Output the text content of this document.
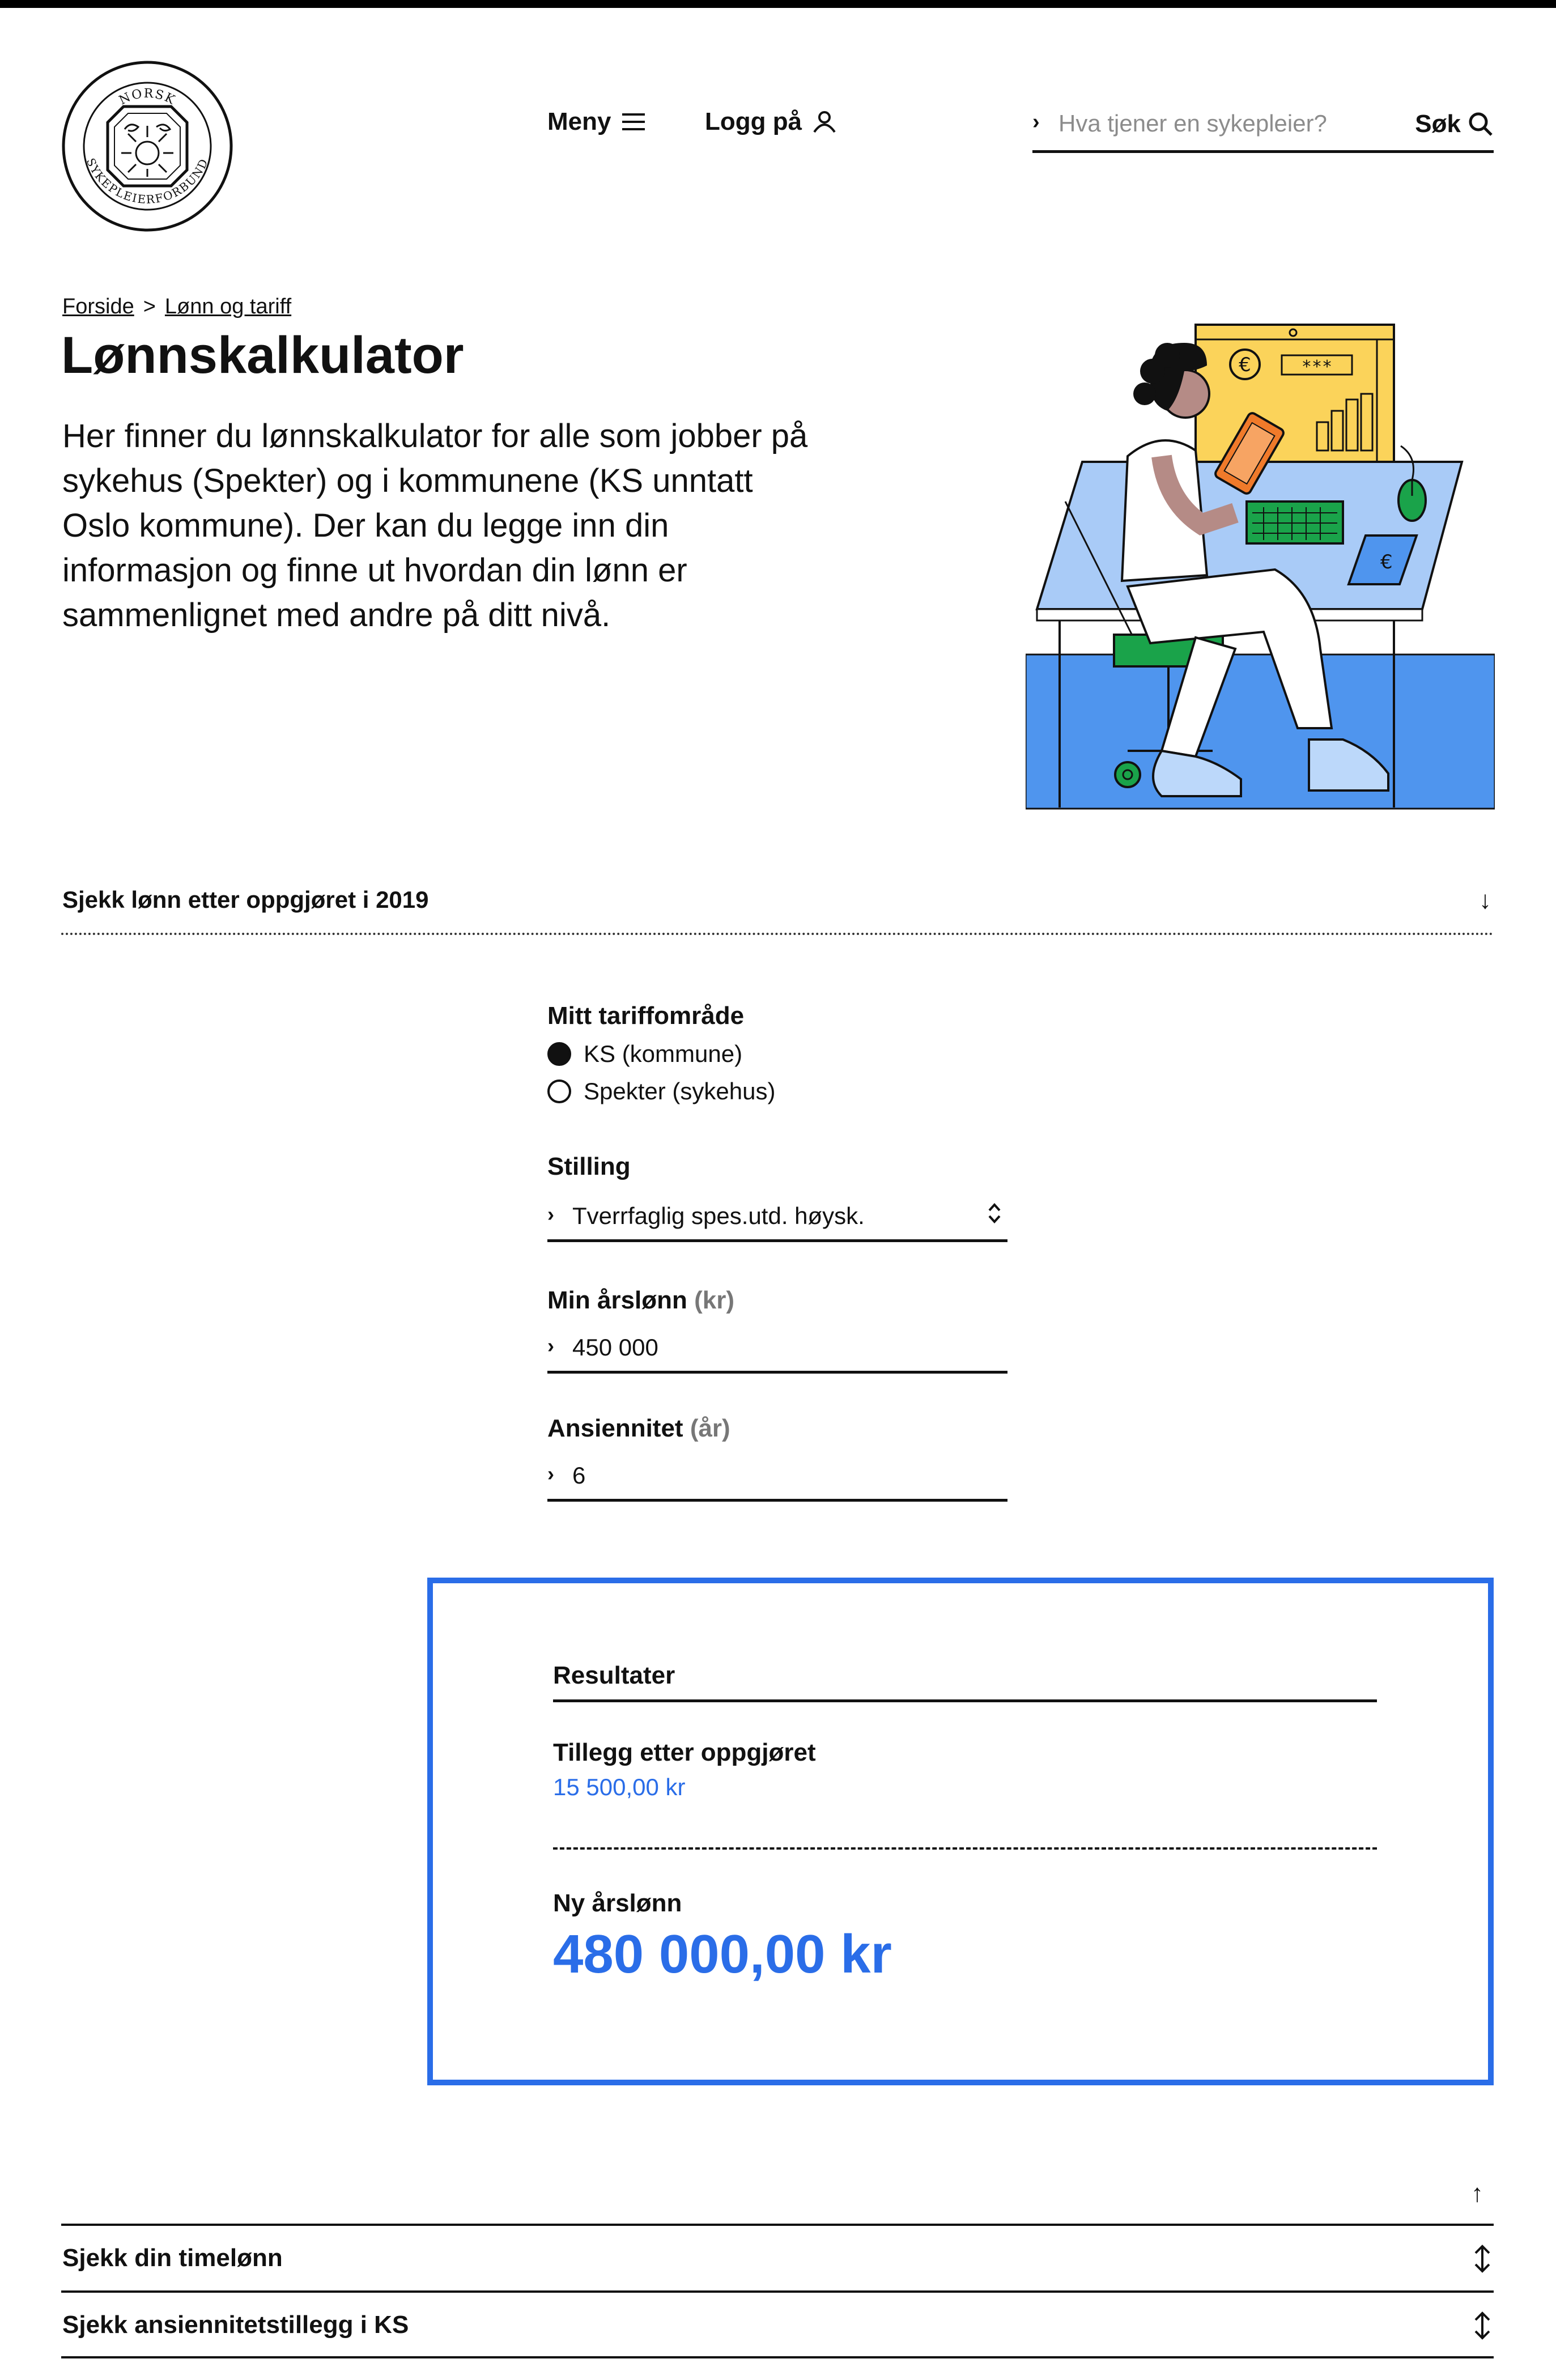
NORSK
SYKEPLEIERFORBUND
Meny	Logg på	›
Hva tjener en sykepleier?	Søk
Forside > Lønn og tariff
Lønnskalkulator

Her finner du lønnskalkulator for alle som jobber på sykehus (Spekter) og i kommunene (KS unntatt Oslo kommune). Der kan du legge inn din informasjon og finne ut hvordan din lønn er sammenlignet med andre på ditt nivå.

€	***
€
Sjekk lønn etter oppgjøret i 2019	↓
Mitt tariffområde
KS (kommune)
Spekter (sykehus)
Stilling
› Tverrfaglig spes.utd. høysk.
Min årslønn (kr)
› 450 000
Ansiennitet (år)
› 6
Resultater
Tillegg etter oppgjøret
15 500,00 kr
Ny årslønn
480 000,00 kr
↑
Sjekk din timelønn
Sjekk ansiennitetstillegg i KS
